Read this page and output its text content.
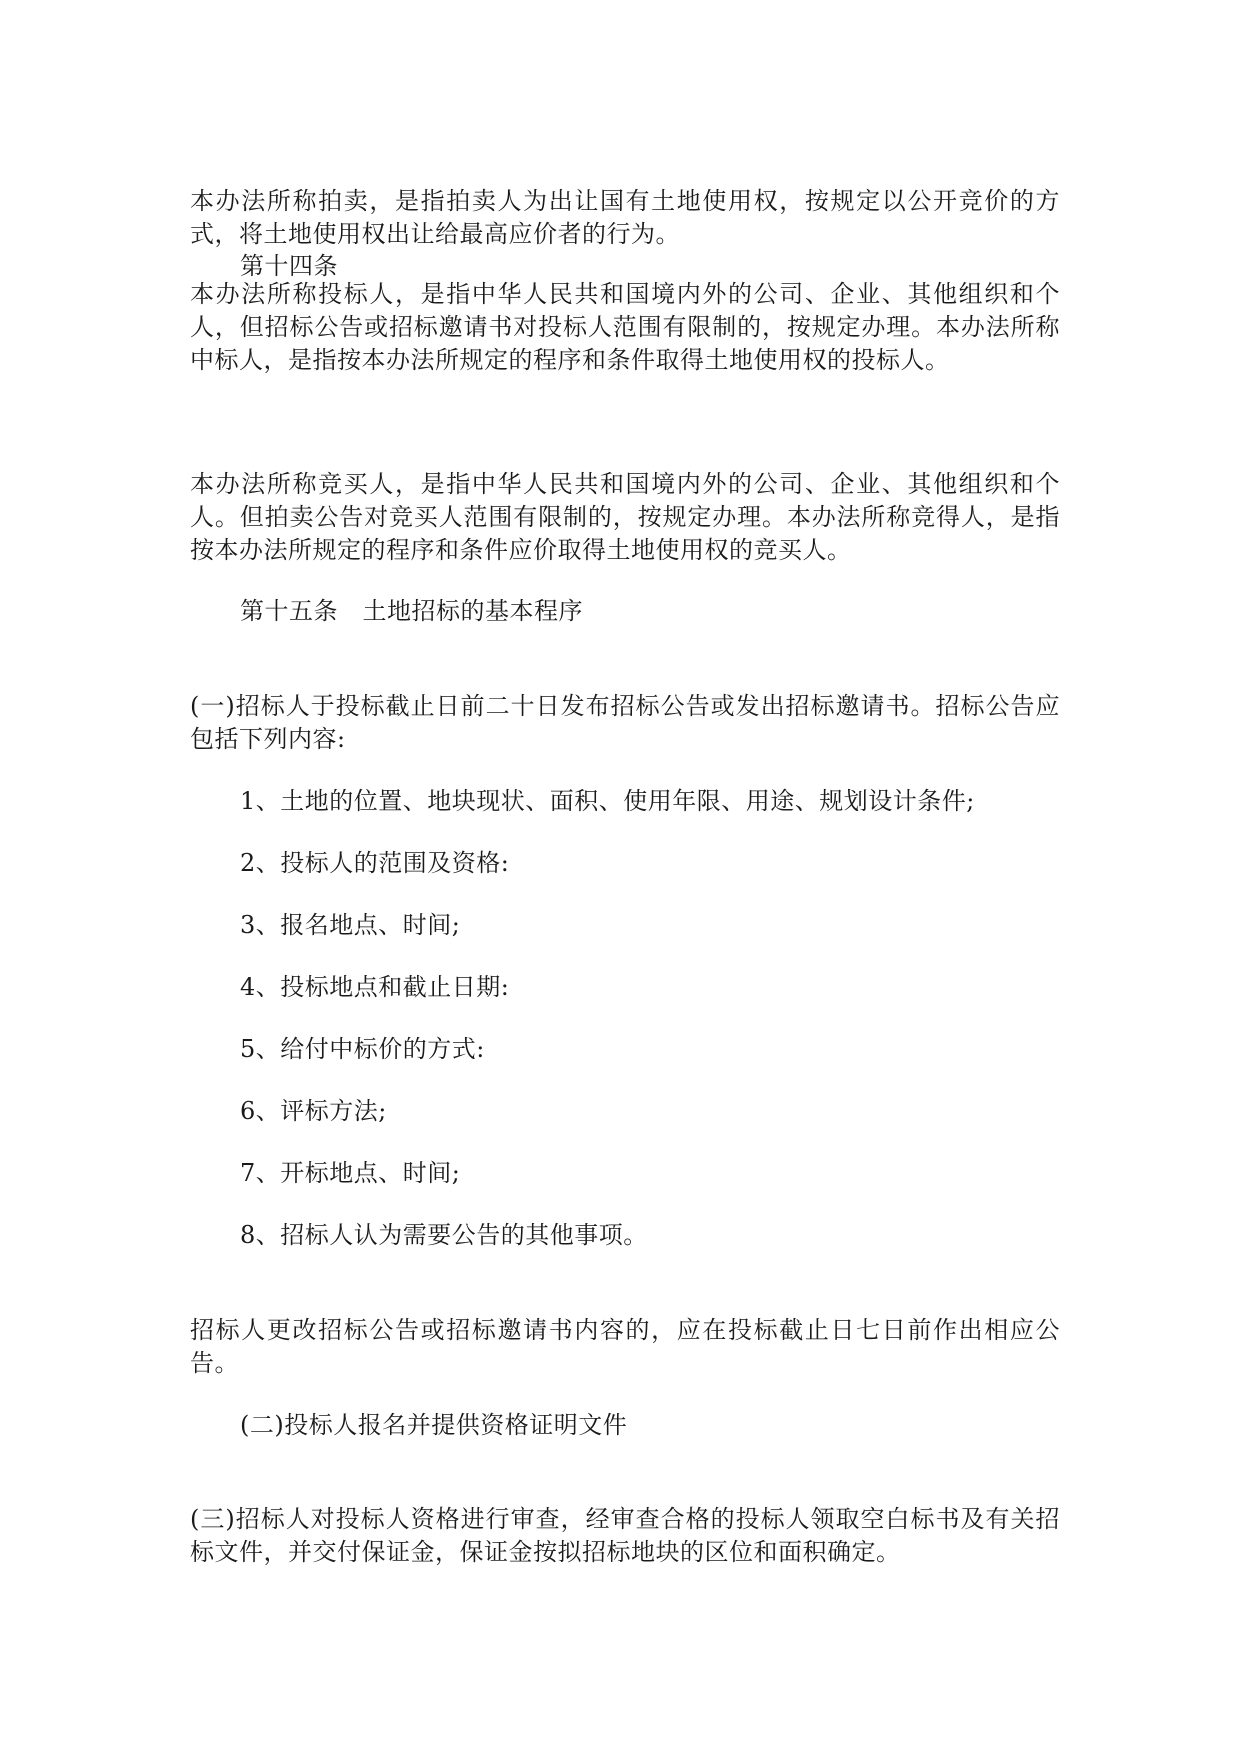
本办法所称拍卖，是指拍卖人为出让国有土地使用权，按规定以公开竞价的方式，将土地使用权出让给最高应价者的行为。

第十四条

本办法所称投标人，是指中华人民共和国境内外的公司、企业、其他组织和个人，但招标公告或招标邀请书对投标人范围有限制的，按规定办理。本办法所称中标人，是指按本办法所规定的程序和条件取得土地使用权的投标人。

本办法所称竞买人，是指中华人民共和国境内外的公司、企业、其他组织和个人。但拍卖公告对竞买人范围有限制的，按规定办理。本办法所称竞得人，是指按本办法所规定的程序和条件应价取得土地使用权的竞买人。

第十五条　土地招标的基本程序

(一)招标人于投标截止日前二十日发布招标公告或发出招标邀请书。招标公告应包括下列内容:

1、土地的位置、地块现状、面积、使用年限、用途、规划设计条件;

2、投标人的范围及资格:

3、报名地点、时间;

4、投标地点和截止日期:

5、给付中标价的方式:

6、评标方法;

7、开标地点、时间;

8、招标人认为需要公告的其他事项。

招标人更改招标公告或招标邀请书内容的，应在投标截止日七日前作出相应公告。

(二)投标人报名并提供资格证明文件

(三)招标人对投标人资格进行审查，经审查合格的投标人领取空白标书及有关招标文件，并交付保证金，保证金按拟招标地块的区位和面积确定。
